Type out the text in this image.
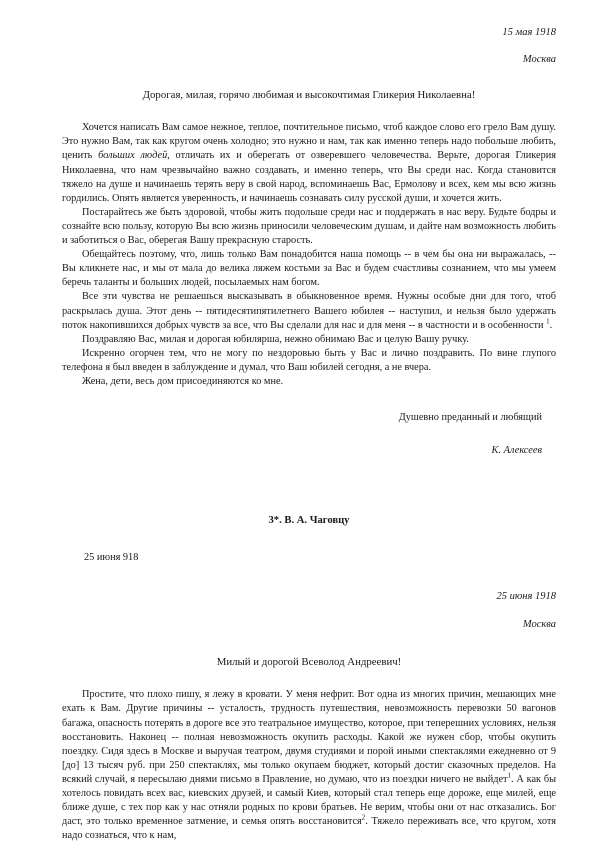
15 мая 1918
Москва
Дорогая, милая, горячо любимая и высокочтимая Гликерия Николаевна!

Хочется написать Вам самое нежное, теплое, почтительное письмо, чтоб каждое слово его грело Вам душу. Это нужно Вам, так как кругом очень холодно; это нужно и нам, так как именно теперь надо побольше любить, ценить больших людей, отличать их и оберегать от озверевшего человечества. Верьте, дорогая Гликерия Николаевна, что нам чрезвычайно важно создавать, и именно теперь, что Вы среди нас. Когда становится тяжело на душе и начинаешь терять веру в свой народ, вспоминаешь Вас, Ермолову и всех, кем мы всю жизнь гордились. Опять является уверенность, и начинаешь сознавать силу русской души, и хочется жить.

Постарайтесь же быть здоровой, чтобы жить подольше среди нас и поддержать в нас веру. Будьте бодры и сознайте всю пользу, которую Вы всю жизнь приносили человеческим душам, и дайте нам возможность любить и заботиться о Вас, оберегая Вашу прекрасную старость.

Обещайтесь поэтому, что, лишь только Вам понадобится наша помощь -- в чем бы она ни выражалась, -- Вы кликнете нас, и мы от мала до велика ляжем костьми за Вас и будем счастливы сознанием, что мы умеем беречь таланты и больших людей, посылаемых нам богом.

Все эти чувства не решаешься высказывать в обыкновенное время. Нужны особые дни для того, чтоб раскрылась душа. Этот день -- пятидесятипятилетнего Вашего юбилея -- наступил, и нельзя было удержать поток накопившихся добрых чувств за все, что Вы сделали для нас и для меня -- в частности и в особенности $^1$.

Поздравляю Вас, милая и дорогая юбилярша, нежно обнимаю Вас и целую Вашу ручку.

Искренно огорчен тем, что не могу по нездоровью быть у Вас и лично поздравить. По вине глупого телефона я был введен в заблуждение и думал, что Ваш юбилей сегодня, а не вчера.

Жена, дети, весь дом присоединяются ко мне.

Душевно преданный и любящий
К. Алексеев
3*. В. А. Чаговцу
25 июня 918
25 июня 1918
Москва
Милый и дорогой Всеволод Андреевич!

Простите, что плохо пишу, я лежу в кровати. У меня нефрит. Вот одна из многих причин, мешающих мне ехать к Вам. Другие причины -- усталость, трудность путешествия, невозможность перевозки 50 вагонов багажа, опасность потерять в дороге все это театральное имущество, которое, при теперешних условиях, нельзя восстановить. Наконец -- полная невозможность окупить расходы. Какой же нужен сбор, чтобы окупить поездку. Сидя здесь в Москве и выручая театром, двумя студиями и порой иными спектаклями ежедневно от 9 [до] 13 тысяч руб. при 250 спектаклях, мы только окупаем бюджет, который достиг сказочных пределов. На всякий случай, я пересылаю днями письмо в Правление, но думаю, что из поездки ничего не выйдет$^1$. А как бы хотелось повидать всех вас, киевских друзей, и самый Киев, который стал теперь еще дороже, еще милей, еще ближе душе, с тех пор как у нас отняли родных по крови братьев. Не верим, чтобы они от нас отказались. Бог даст, это только временное затмение, и семья опять восстановится$^2$. Тяжело переживать все, что кругом, хотя надо сознаться, что к нам,
